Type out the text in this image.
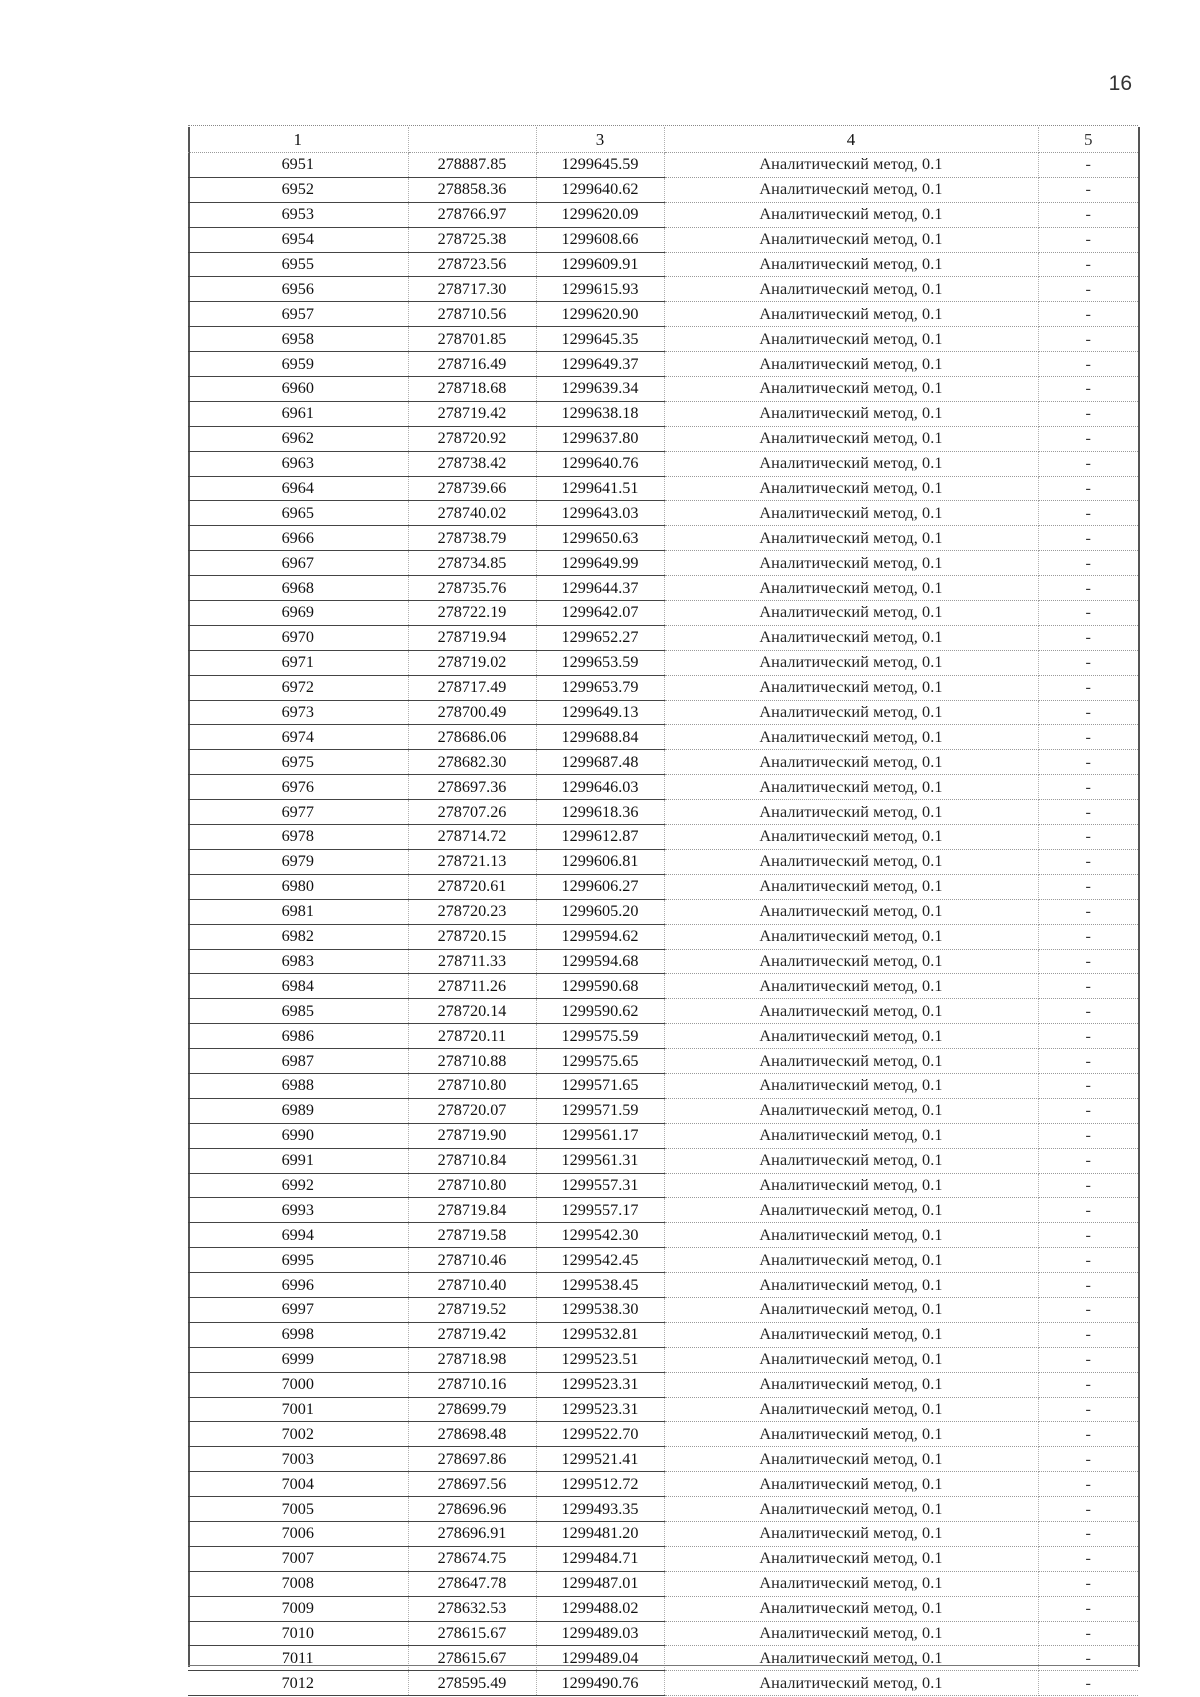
16
1	2	3	4	5
6951	278887.85	1299645.59	Аналитический метод, 0.1	-
6952	278858.36	1299640.62	Аналитический метод, 0.1	-
6953	278766.97	1299620.09	Аналитический метод, 0.1	-
6954	278725.38	1299608.66	Аналитический метод, 0.1	-
6955	278723.56	1299609.91	Аналитический метод, 0.1	-
6956	278717.30	1299615.93	Аналитический метод, 0.1	-
6957	278710.56	1299620.90	Аналитический метод, 0.1	-
6958	278701.85	1299645.35	Аналитический метод, 0.1	-
6959	278716.49	1299649.37	Аналитический метод, 0.1	-
6960	278718.68	1299639.34	Аналитический метод, 0.1	-
6961	278719.42	1299638.18	Аналитический метод, 0.1	-
6962	278720.92	1299637.80	Аналитический метод, 0.1	-
6963	278738.42	1299640.76	Аналитический метод, 0.1	-
6964	278739.66	1299641.51	Аналитический метод, 0.1	-
6965	278740.02	1299643.03	Аналитический метод, 0.1	-
6966	278738.79	1299650.63	Аналитический метод, 0.1	-
6967	278734.85	1299649.99	Аналитический метод, 0.1	-
6968	278735.76	1299644.37	Аналитический метод, 0.1	-
6969	278722.19	1299642.07	Аналитический метод, 0.1	-
6970	278719.94	1299652.27	Аналитический метод, 0.1	-
6971	278719.02	1299653.59	Аналитический метод, 0.1	-
6972	278717.49	1299653.79	Аналитический метод, 0.1	-
6973	278700.49	1299649.13	Аналитический метод, 0.1	-
6974	278686.06	1299688.84	Аналитический метод, 0.1	-
6975	278682.30	1299687.48	Аналитический метод, 0.1	-
6976	278697.36	1299646.03	Аналитический метод, 0.1	-
6977	278707.26	1299618.36	Аналитический метод, 0.1	-
6978	278714.72	1299612.87	Аналитический метод, 0.1	-
6979	278721.13	1299606.81	Аналитический метод, 0.1	-
6980	278720.61	1299606.27	Аналитический метод, 0.1	-
6981	278720.23	1299605.20	Аналитический метод, 0.1	-
6982	278720.15	1299594.62	Аналитический метод, 0.1	-
6983	278711.33	1299594.68	Аналитический метод, 0.1	-
6984	278711.26	1299590.68	Аналитический метод, 0.1	-
6985	278720.14	1299590.62	Аналитический метод, 0.1	-
6986	278720.11	1299575.59	Аналитический метод, 0.1	-
6987	278710.88	1299575.65	Аналитический метод, 0.1	-
6988	278710.80	1299571.65	Аналитический метод, 0.1	-
6989	278720.07	1299571.59	Аналитический метод, 0.1	-
6990	278719.90	1299561.17	Аналитический метод, 0.1	-
6991	278710.84	1299561.31	Аналитический метод, 0.1	-
6992	278710.80	1299557.31	Аналитический метод, 0.1	-
6993	278719.84	1299557.17	Аналитический метод, 0.1	-
6994	278719.58	1299542.30	Аналитический метод, 0.1	-
6995	278710.46	1299542.45	Аналитический метод, 0.1	-
6996	278710.40	1299538.45	Аналитический метод, 0.1	-
6997	278719.52	1299538.30	Аналитический метод, 0.1	-
6998	278719.42	1299532.81	Аналитический метод, 0.1	-
6999	278718.98	1299523.51	Аналитический метод, 0.1	-
7000	278710.16	1299523.31	Аналитический метод, 0.1	-
7001	278699.79	1299523.31	Аналитический метод, 0.1	-
7002	278698.48	1299522.70	Аналитический метод, 0.1	-
7003	278697.86	1299521.41	Аналитический метод, 0.1	-
7004	278697.56	1299512.72	Аналитический метод, 0.1	-
7005	278696.96	1299493.35	Аналитический метод, 0.1	-
7006	278696.91	1299481.20	Аналитический метод, 0.1	-
7007	278674.75	1299484.71	Аналитический метод, 0.1	-
7008	278647.78	1299487.01	Аналитический метод, 0.1	-
7009	278632.53	1299488.02	Аналитический метод, 0.1	-
7010	278615.67	1299489.03	Аналитический метод, 0.1	-
7011	278615.67	1299489.04	Аналитический метод, 0.1	-
7012	278595.49	1299490.76	Аналитический метод, 0.1	-
